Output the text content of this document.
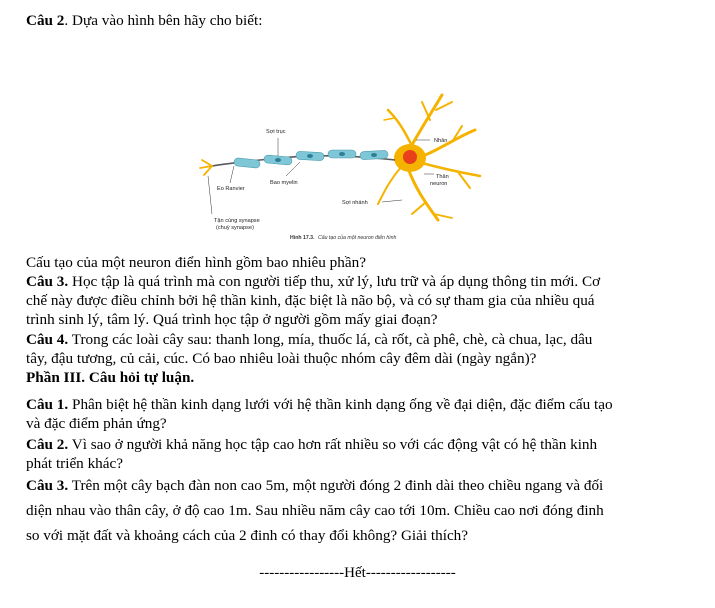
Câu 2. Dựa vào hình bên hãy cho biết:
Sợi trục
Nhân
Bao myelin
Thân
neuron
Eo Ranvier
Sợi nhánh
Tận cùng synapse
(chuỳ synapse)
Hình 17.3. Cấu tạo của một neuron điển hình
Cấu tạo của một neuron điển hình gồm bao nhiêu phần?
Câu 3. Học tập là quá trình mà con người tiếp thu, xử lý, lưu trữ và áp dụng thông tin mới. Cơ
chế này được điều chỉnh bởi hệ thần kinh, đặc biệt là não bộ, và có sự tham gia của nhiều quá
trình sinh lý, tâm lý. Quá trình học tập ở người gồm mấy giai đoạn?
Câu 4. Trong các loài cây sau: thanh long, mía, thuốc lá, cà rốt, cà phê, chè, cà chua, lạc, dâu
tây, đậu tương, củ cải, cúc. Có bao nhiêu loài thuộc nhóm cây đêm dài (ngày ngắn)?
Phần III. Câu hỏi tự luận.
Câu 1. Phân biệt hệ thần kinh dạng lưới với hệ thần kinh dạng ống về đại diện, đặc điểm cấu tạo
và đặc điểm phản ứng?
Câu 2. Vì sao ở người khả năng học tập cao hơn rất nhiều so với các động vật có hệ thần kinh
phát triển khác?
Câu 3. Trên một cây bạch đàn non cao 5m, một người đóng 2 đinh dài theo chiều ngang và đối
diện nhau vào thân cây, ở độ cao 1m. Sau nhiều năm cây cao tới 10m. Chiều cao nơi đóng đinh
so với mặt đất và khoảng cách của 2 đinh có thay đổi không? Giải thích?
-----------------Hết------------------
